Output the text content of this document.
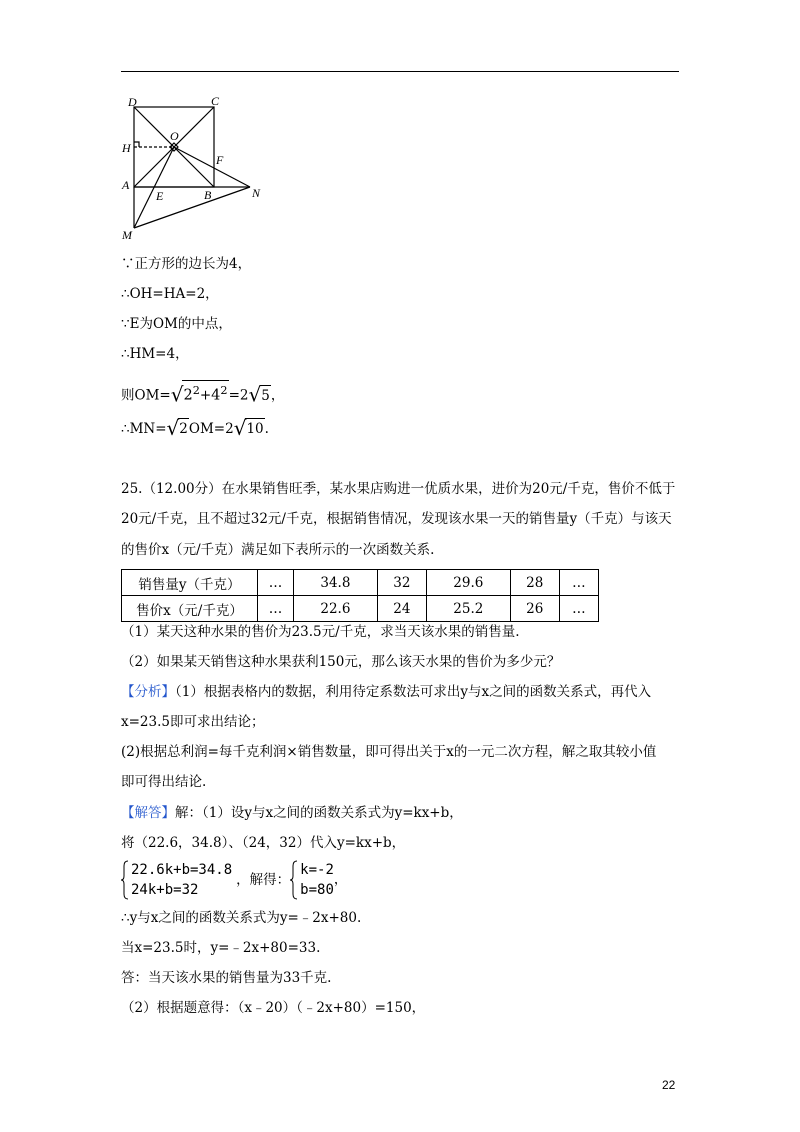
D	C
O
H
F
A
E	B	N
M
∵正方形的边长为4，
∴OH=HA=2，
∵E为OM的中点，
∴HM=4，
则$OM=√2^2+4^2=2√5$，
∴MN=√2OM=2√10.
25.（12.00分）在水果销售旺季，某水果店购进一优质水果，进价为20元/千克，售价不低于
20元/千克，且不超过32元/千克，根据销售情况，发现该水果一天的销售量y（千克）与该天
的售价x（元/千克）满足如下表所示的一次函数关系.
销售量y（千克）	…	34.8	32	29.6	28	…
售价x（元/千克）	…	22.6	24	25.2	26	…
（1）某天这种水果的售价为23.5元/千克，求当天该水果的销售量.
（2）如果某天销售这种水果获利150元，那么该天水果的售价为多少元？
【分析】（1）根据表格内的数据，利用待定系数法可求出y与x之间的函数关系式，再代入
x=23.5即可求出结论；
(2)根据总利润=每千克利润×销售数量，即可得出关于x的一元二次方程，解之取其较小值
即可得出结论.
【解答】解：（1）设y与x之间的函数关系式为y=kx+b，
将（22.6，34.8）、（24，32）代入y=kx+b，
22.6k+b=34.8
24k+b=32
，解得：
k=-2
b=80
，
∴y与x之间的函数关系式为y=﹣2x+80.
当x=23.5时，y=﹣2x+80=33.
答：当天该水果的销售量为33千克.
（2）根据题意得：（x﹣20）（﹣2x+80）=150，
22
